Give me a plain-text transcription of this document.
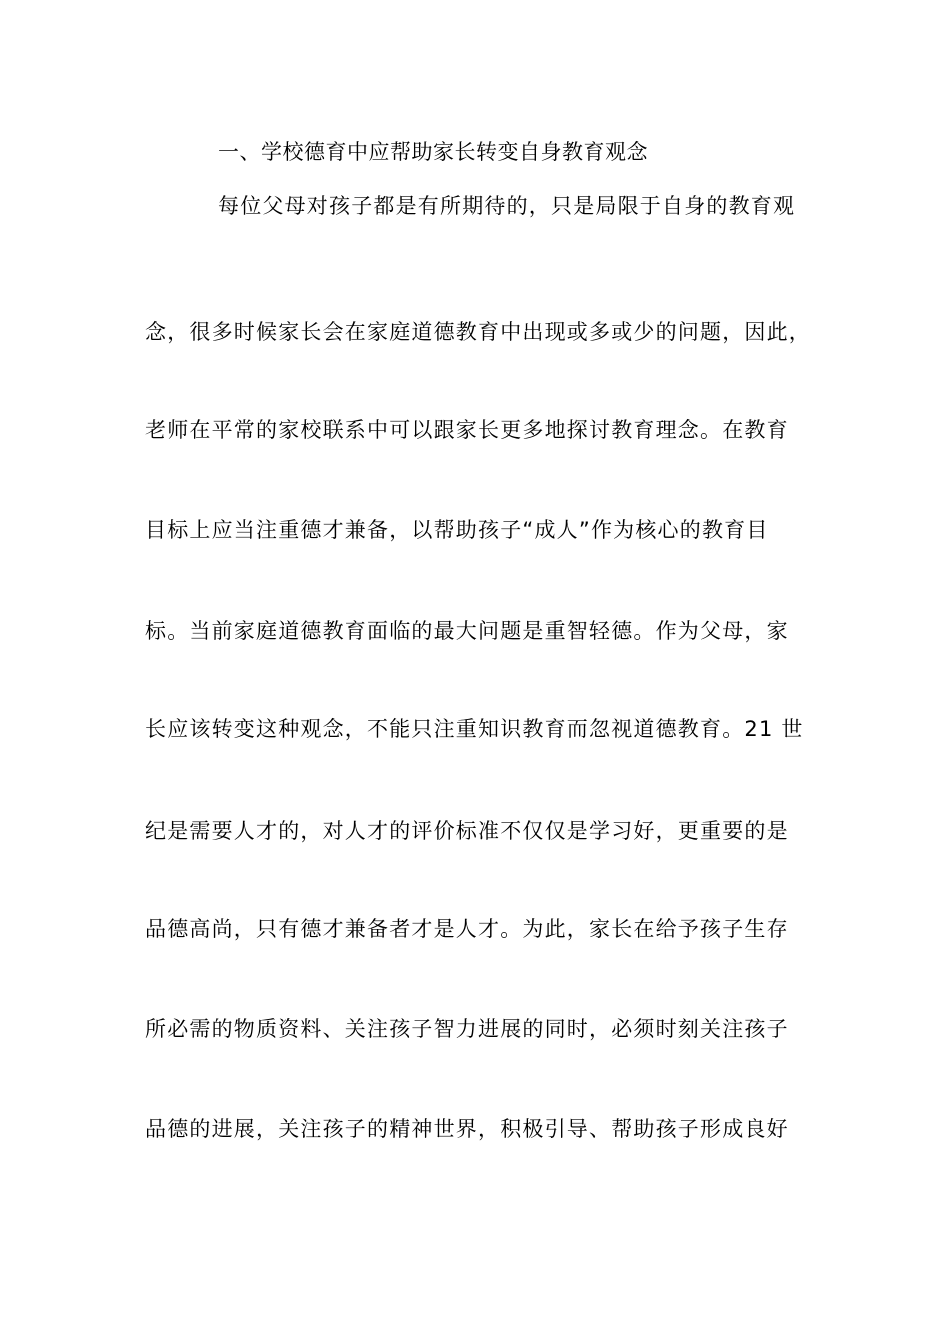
一、学校德育中应帮助家长转变自身教育观念
每位父母对孩子都是有所期待的，只是局限于自身的教育观
念，很多时候家长会在家庭道德教育中出现或多或少的问题，因此，
老师在平常的家校联系中可以跟家长更多地探讨教育理念。在教育
目标上应当注重德才兼备，以帮助孩子“成人”作为核心的教育目
标。当前家庭道德教育面临的最大问题是重智轻德。作为父母，家
长应该转变这种观念，不能只注重知识教育而忽视道德教育。21 世
纪是需要人才的，对人才的评价标准不仅仅是学习好，更重要的是
品德高尚，只有德才兼备者才是人才。为此，家长在给予孩子生存
所必需的物质资料、关注孩子智力进展的同时，必须时刻关注孩子
品德的进展，关注孩子的精神世界，积极引导、帮助孩子形成良好
